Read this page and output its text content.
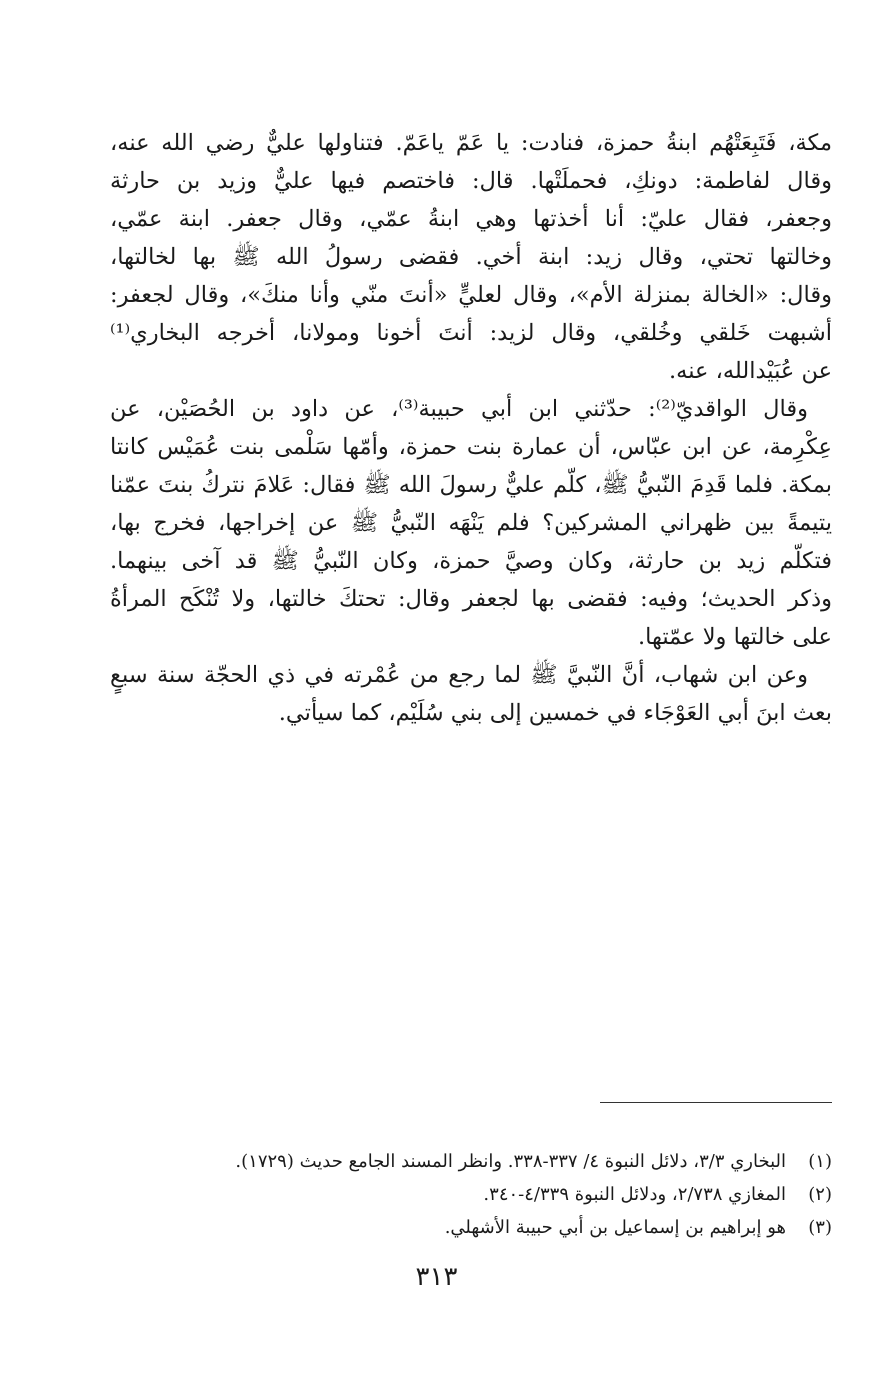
مكة، فَتَبِعَتْهُم ابنةُ حمزة، فنادت: يا عَمّ ياعَمّ. فتناولها عليٌّ رضي الله عنه،
وقال لفاطمة: دونكِ، فحملَتْها. قال: فاختصم فيها عليٌّ وزيد بن حارثة
وجعفر، فقال عليّ: أنا أخذتها وهي ابنةُ عمّي، وقال جعفر. ابنة عمّي،
وخالتها تحتي، وقال زيد: ابنة أخي. فقضى رسولُ الله ﷺ بها لخالتها،
وقال: «الخالة بمنزلة الأم»، وقال لعليٍّ «أنتَ منّي وأنا منكَ»، وقال لجعفر:
أشبهت خَلقي وخُلقي، وقال لزيد: أنتَ أخونا ومولانا، أخرجه البخاري⁽¹⁾
عن عُبَيْدالله، عنه.
وقال الواقديّ⁽²⁾: حدّثني ابن أبي حبيبة⁽³⁾، عن داود بن الحُصَيْن، عن
عِكْرِمة، عن ابن عبّاس، أن عمارة بنت حمزة، وأمّها سَلْمى بنت عُمَيْس كانتا
بمكة. فلما قَدِمَ النّبيُّ ﷺ، كلّم عليٌّ رسولَ الله ﷺ فقال: عَلامَ نتركُ بنتَ عمّنا
يتيمةً بين ظهراني المشركين؟ فلم يَنْهَه النّبيُّ ﷺ عن إخراجها، فخرج بها،
فتكلّم زيد بن حارثة، وكان وصيَّ حمزة، وكان النّبيُّ ﷺ قد آخى بينهما.
وذكر الحديث؛ وفيه: فقضى بها لجعفر وقال: تحتكَ خالتها، ولا تُنْكَح المرأةُ
على خالتها ولا عمّتها.
وعن ابن شهاب، أنَّ النّبيَّ ﷺ لما رجع من عُمْرته في ذي الحجّة سنة سبعٍ
بعث ابنَ أبي العَوْجَاء في خمسين إلى بني سُلَيْم، كما سيأتي.
(١)البخاري ٣/٣، دلائل النبوة ٤/ ٣٣٧-٣٣٨. وانظر المسند الجامع حديث (١٧٢٩).
(٢)المغازي ٢/٧٣٨، ودلائل النبوة ٤/٣٣٩-٣٤٠.
(٣)هو إبراهيم بن إسماعيل بن أبي حبيبة الأشهلي.
٣١٣
